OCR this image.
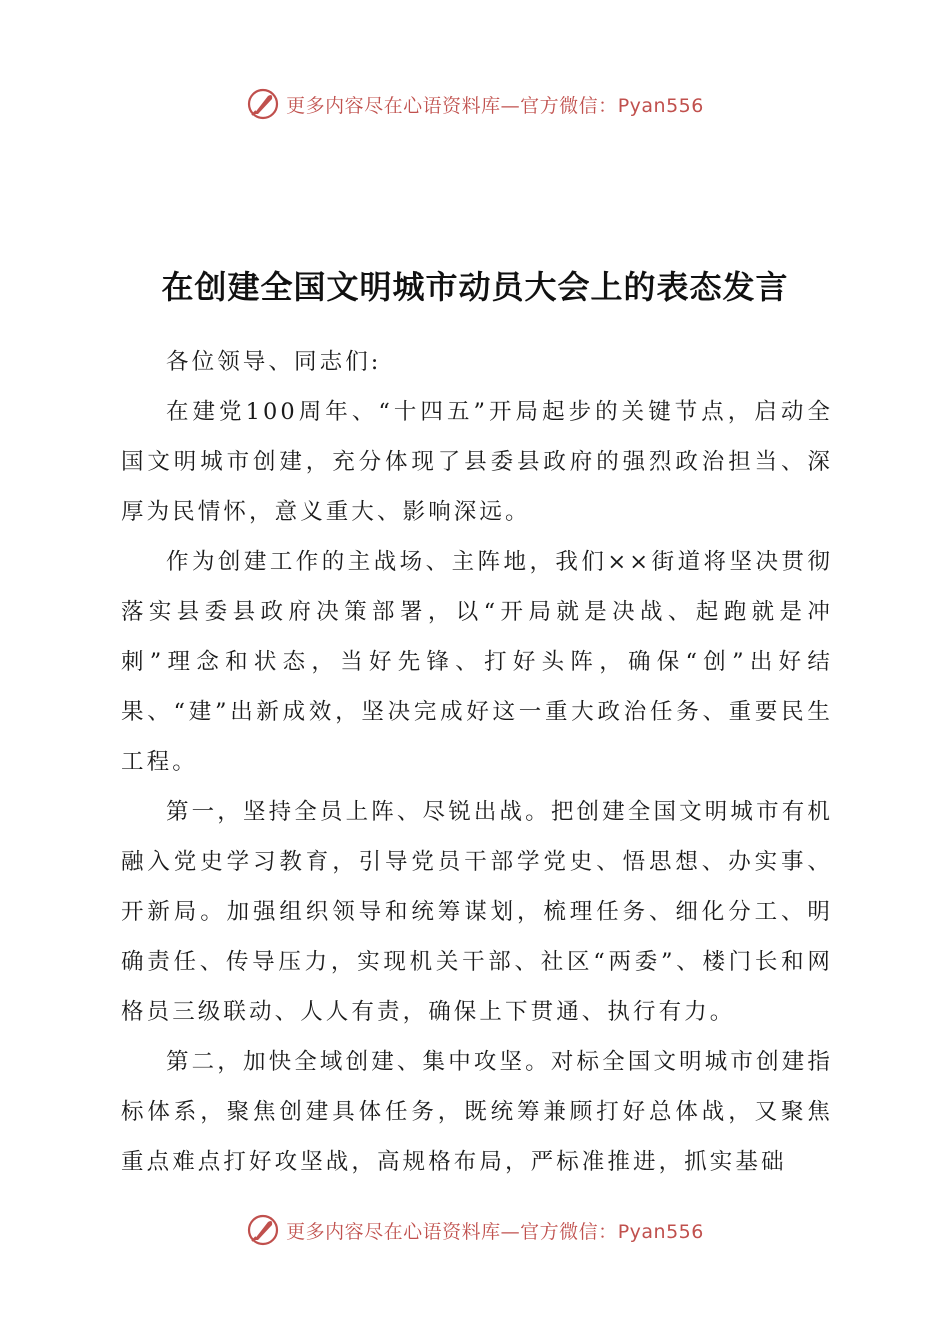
更多内容尽在心语资料库—官方微信：Pyan556
在创建全国文明城市动员大会上的表态发言

各位领导、同志们:

在建党100周年、“十四五”开局起步的关键节点，启动全国文明城市创建，充分体现了县委县政府的强烈政治担当、深厚为民情怀，意义重大、影响深远。

作为创建工作的主战场、主阵地，我们××街道将坚决贯彻落实县委县政府决策部署，以“开局就是决战、起跑就是冲刺”理念和状态，当好先锋、打好头阵，确保“创”出好结果、“建”出新成效，坚决完成好这一重大政治任务、重要民生工程。

第一，坚持全员上阵、尽锐出战。把创建全国文明城市有机融入党史学习教育，引导党员干部学党史、悟思想、办实事、开新局。加强组织领导和统筹谋划，梳理任务、细化分工、明确责任、传导压力，实现机关干部、社区“两委”、楼门长和网格员三级联动、人人有责，确保上下贯通、执行有力。

第二，加快全域创建、集中攻坚。对标全国文明城市创建指标体系，聚焦创建具体任务，既统筹兼顾打好总体战，又聚焦重点难点打好攻坚战，高规格布局，严标准推进，抓实基础

更多内容尽在心语资料库—官方微信：Pyan556
